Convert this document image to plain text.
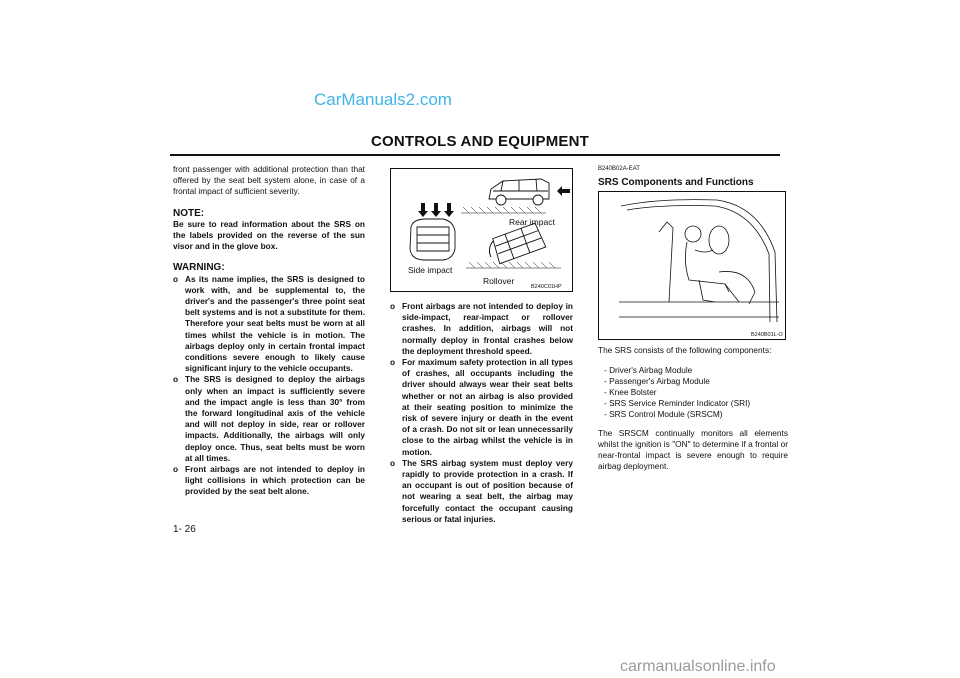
CarManuals2.com
CONTROLS AND EQUIPMENT

front passenger with additional protection than that offered by the seat belt system alone, in case of a frontal impact of sufficient severity.

NOTE:

Be sure to read information about the SRS on the labels provided on the reverse of the sun visor and in the glove box.

WARNING:
o As its name implies, the SRS is designed to work with, and be supplemental to, the driver's and the passenger's three point seat belt systems and is not a substitute for them. Therefore your seat belts must be worn at all times whilst the vehicle is in motion. The airbags deploy only in certain frontal impact conditions severe enough to likely cause significant injury to the vehicle occupants.
o The SRS is designed to deploy the airbags only when an impact is sufficiently severe and the impact angle is less than 30° from the forward longitudinal axis of the vehicle and will not deploy in side, rear or rollover impacts. Additionally, the airbags will only deploy once. Thus, seat belts must be worn at all times.
o Front airbags are not intended to deploy in light collisions in which protection can be provided by the seat belt alone.
Rear impact
Side impact
Rollover
B240C01HP
o Front airbags are not intended to deploy in side-impact, rear-impact or rollover crashes. In addition, airbags will not normally deploy in frontal crashes below the deployment threshold speed.
o For maximum safety protection in all types of crashes, all occupants including the driver should always wear their seat belts whether or not an airbag is also provided at their seating position to minimize the risk of severe injury or death in the event of a crash. Do not sit or lean unnecessarily close to the airbag whilst the vehicle is in motion.
o The SRS airbag system must deploy very rapidly to provide protection in a crash. If an occupant is out of position because of not wearing a seat belt, the airbag may forcefully contact the occupant causing serious or fatal injuries.
B240B02A-EAT
SRS Components and Functions
B240B01L-O

The SRS consists of the following components:

- Driver's Airbag Module
- Passenger's Airbag Module
- Knee Bolster
- SRS Service Reminder Indicator (SRI)
- SRS Control Module (SRSCM)

The SRSCM continually monitors all elements whilst the ignition is "ON" to determine if a frontal or near-frontal impact is severe enough to require airbag deployment.

1- 26
carmanualsonline.info
